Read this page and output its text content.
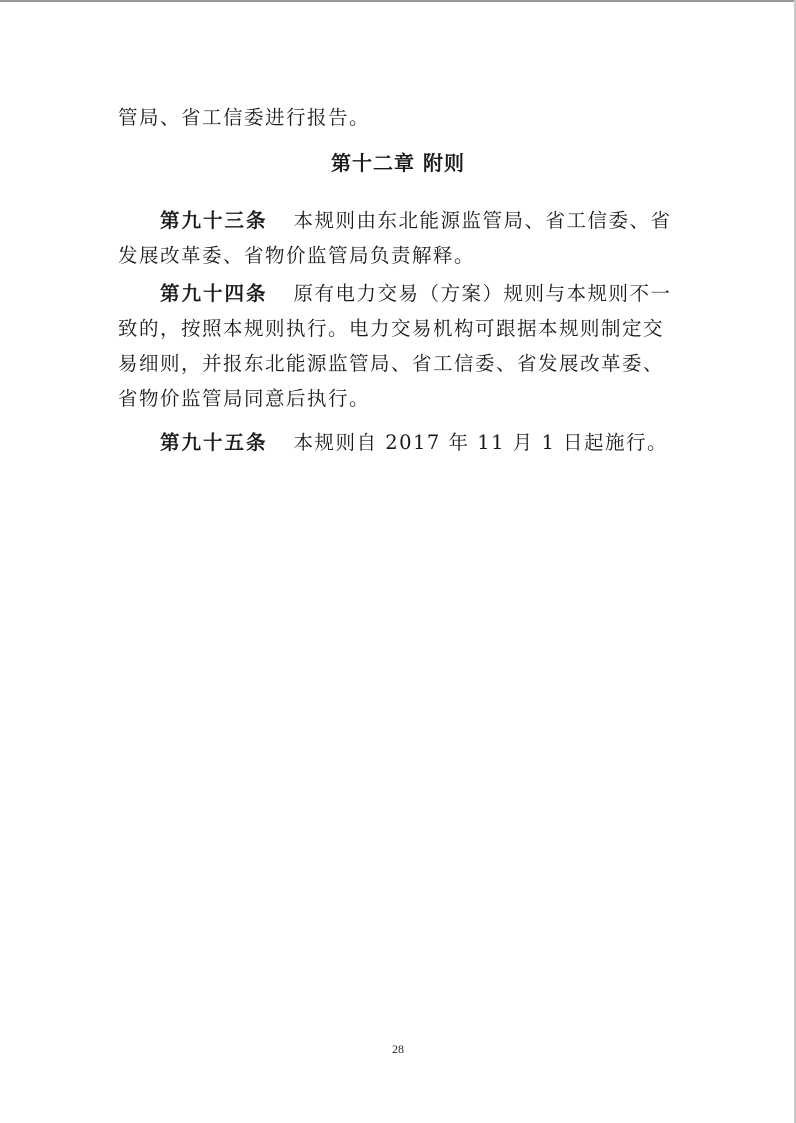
管局、省工信委进行报告。
第十二章 附则
第九十三条 本规则由东北能源监管局、省工信委、省
发展改革委、省物价监管局负责解释。
第九十四条 原有电力交易（方案）规则与本规则不一
致的，按照本规则执行。电力交易机构可跟据本规则制定交
易细则，并报东北能源监管局、省工信委、省发展改革委、
省物价监管局同意后执行。
第九十五条 本规则自 2017 年 11 月 1 日起施行。
28
